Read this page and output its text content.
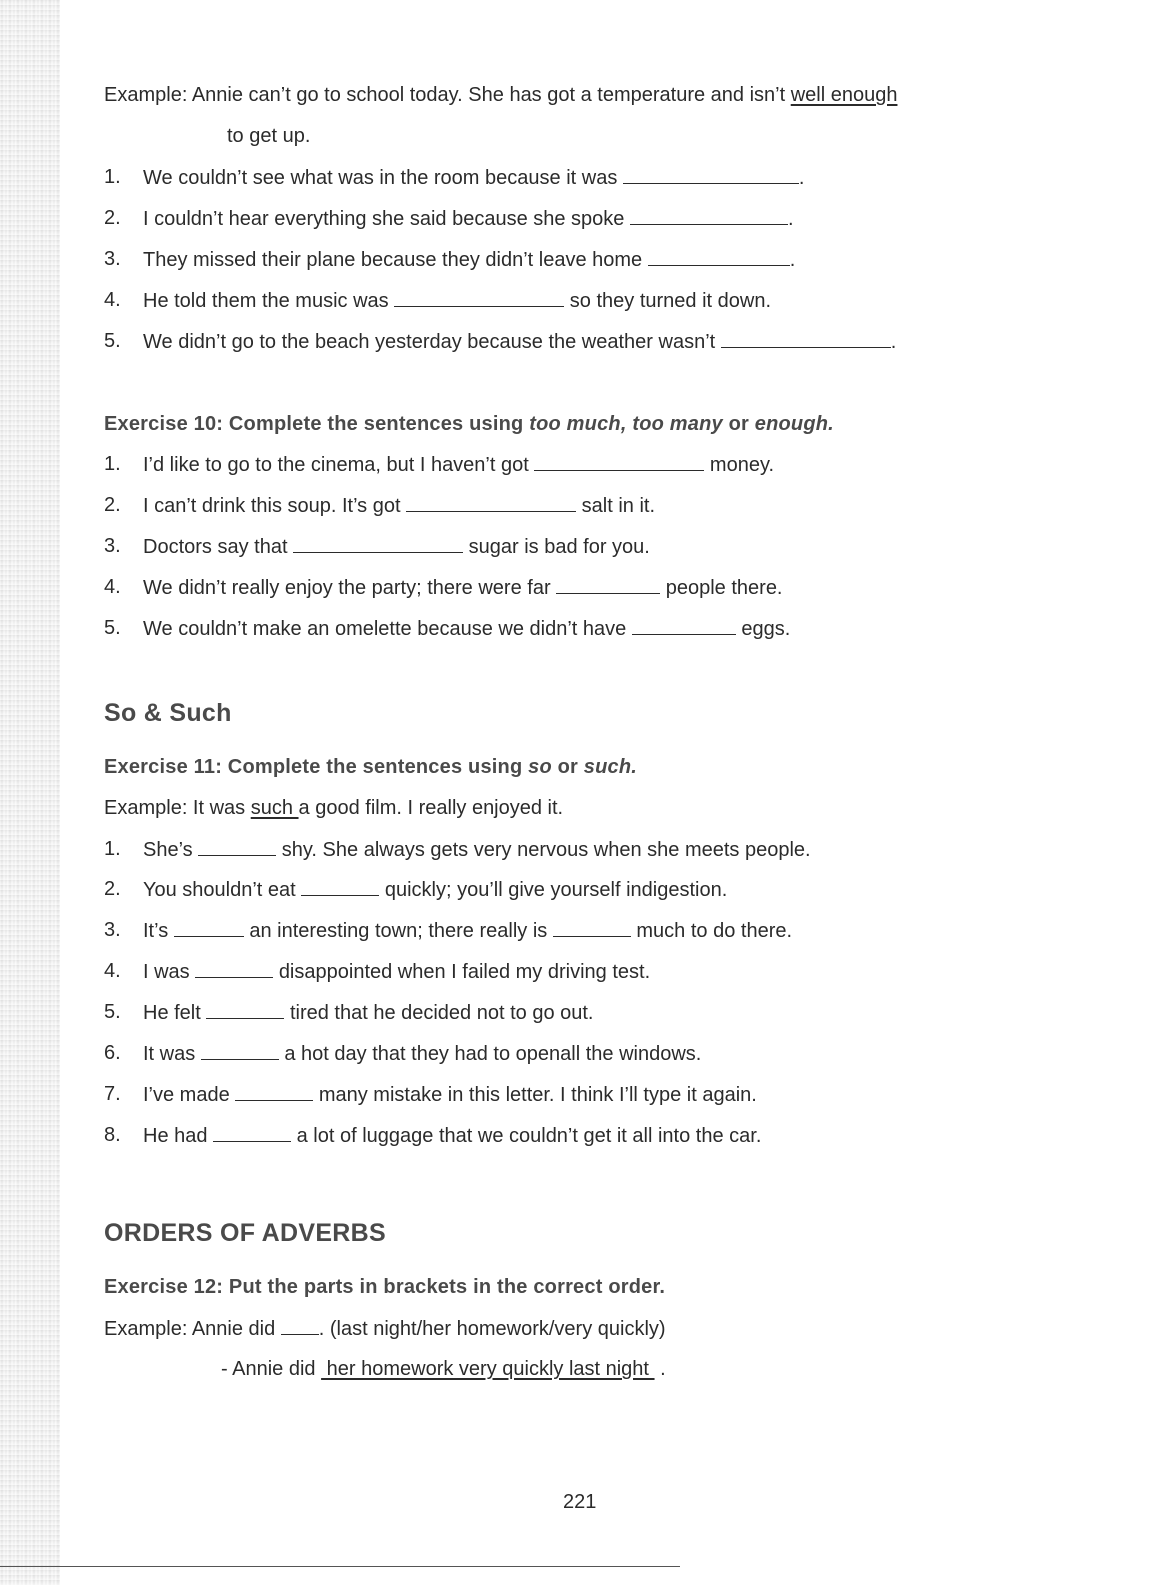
Example: Annie can’t go to school today. She has got a temperature and isn’t well enough
to get up.
1. We couldn’t see what was in the room because it was	.
2. I couldn’t hear everything she said because she spoke	.
3. They missed their plane because they didn’t leave home	.
4. He told them the music was	so they turned it down.
5. We didn’t go to the beach yesterday because the weather wasn’t	.
Exercise 10: Complete the sentences using too much, too many or enough.
1. I’d like to go to the cinema, but I haven’t got	money.
2. I can’t drink this soup. It’s got	salt in it.
3. Doctors say that	sugar is bad for you.
4. We didn’t really enjoy the party; there were far	people there.
5. We couldn’t make an omelette because we didn’t have	eggs.
So & Such
Exercise 11: Complete the sentences using so or such.
Example: It was such a good film. I really enjoyed it.
1. She’s	shy. She always gets very nervous when she meets people.
2. You shouldn’t eat	quickly; you’ll give yourself indigestion.
3. It’s	an interesting town; there really is	much to do there.
4. I was	disappointed when I failed my driving test.
5. He felt	tired that he decided not to go out.
6. It was	a hot day that they had to openall the windows.
7. I’ve made	many mistake in this letter. I think I’ll type it again.
8. He had	a lot of luggage that we couldn’t get it all into the car.
ORDERS OF ADVERBS
Exercise 12: Put the parts in brackets in the correct order.
Example: Annie did . (last night/her homework/very quickly)
- Annie did  her homework very quickly last night  .
221
